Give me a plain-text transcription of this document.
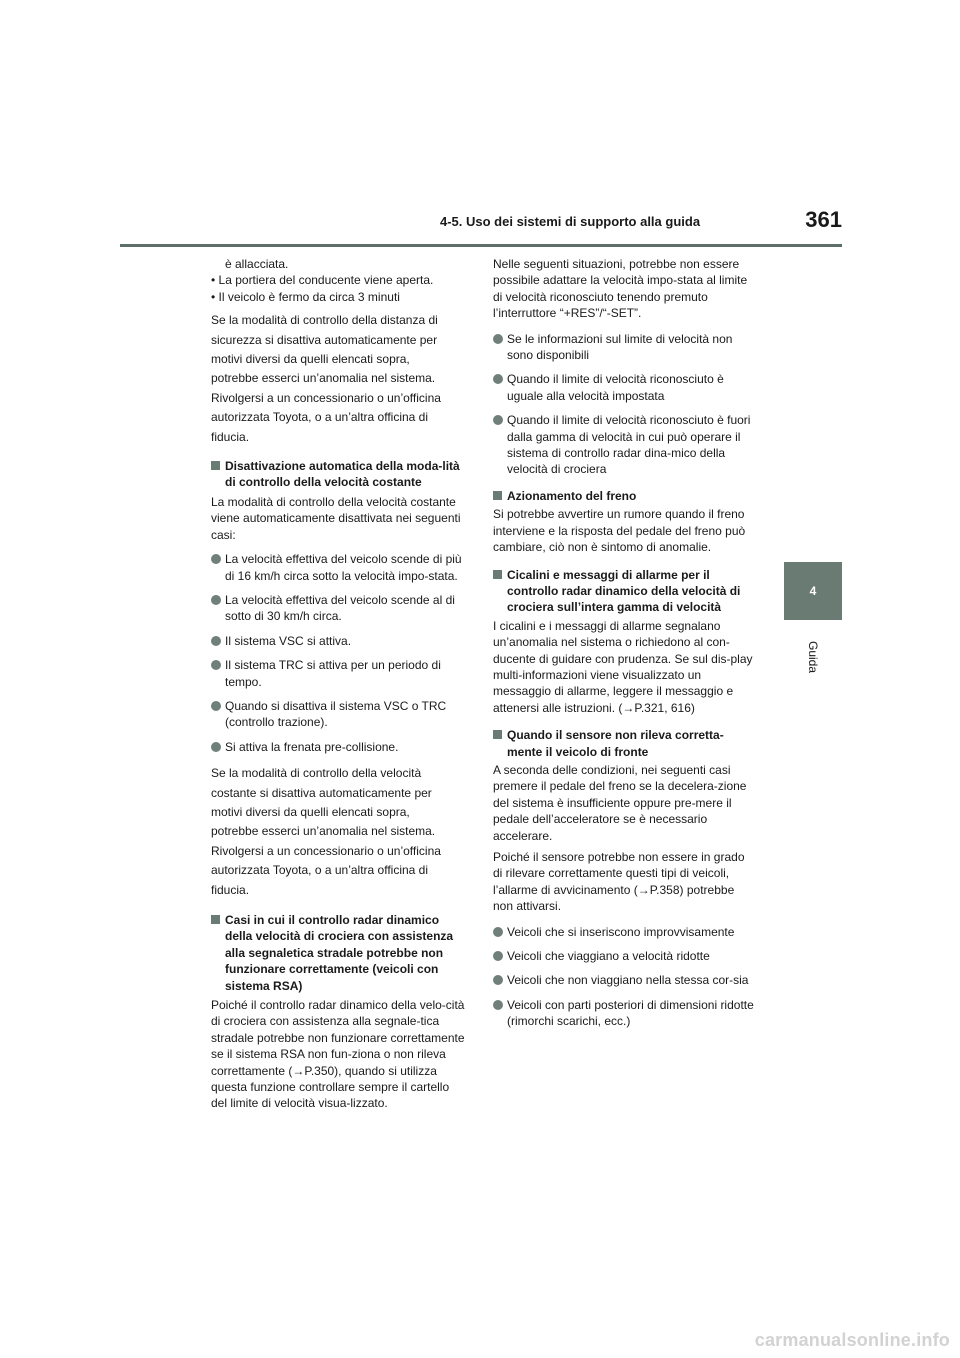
4-5. Uso dei sistemi di supporto alla guida	361
4
Guida

è allacciata.

• La portiera del conducente viene aperta.

• Il veicolo è fermo da circa 3 minuti

Se la modalità di controllo della distanza di

sicurezza si disattiva automaticamente per

motivi diversi da quelli elencati sopra,

potrebbe esserci un’anomalia nel sistema.

Rivolgersi a un concessionario o un’officina

autorizzata Toyota, o a un’altra officina di

fiducia.

Disattivazione automatica della moda-lità di controllo della velocità costante

La modalità di controllo della velocità costante viene automaticamente disattivata nei seguenti casi:

La velocità effettiva del veicolo scende di più di 16 km/h circa sotto la velocità impo-stata.

La velocità effettiva del veicolo scende al di sotto di 30 km/h circa.

Il sistema VSC si attiva.

Il sistema TRC si attiva per un periodo di tempo.

Quando si disattiva il sistema VSC o TRC (controllo trazione).

Si attiva la frenata pre-collisione.

Se la modalità di controllo della velocità

costante si disattiva automaticamente per

motivi diversi da quelli elencati sopra,

potrebbe esserci un’anomalia nel sistema.

Rivolgersi a un concessionario o un’officina

autorizzata Toyota, o a un’altra officina di

fiducia.

Casi in cui il controllo radar dinamico della velocità di crociera con assistenza alla segnaletica stradale potrebbe non funzionare correttamente (veicoli con sistema RSA)

Poiché il controllo radar dinamico della velo-cità di crociera con assistenza alla segnale-tica stradale potrebbe non funzionare correttamente se il sistema RSA non fun-ziona o non rileva correttamente (→P.350), quando si utilizza questa funzione controllare sempre il cartello del limite di velocità visua-lizzato.

Nelle seguenti situazioni, potrebbe non essere possibile adattare la velocità impo-stata al limite di velocità riconosciuto tenendo premuto l’interruttore “+RES”/“-SET”.

Se le informazioni sul limite di velocità non sono disponibili

Quando il limite di velocità riconosciuto è uguale alla velocità impostata

Quando il limite di velocità riconosciuto è fuori dalla gamma di velocità in cui può operare il sistema di controllo radar dina-mico della velocità di crociera

Azionamento del freno

Si potrebbe avvertire un rumore quando il freno interviene e la risposta del pedale del freno può cambiare, ciò non è sintomo di anomalie.

Cicalini e messaggi di allarme per il controllo radar dinamico della velocità di crociera sull’intera gamma di velocità

I cicalini e i messaggi di allarme segnalano un’anomalia nel sistema o richiedono al con-ducente di guidare con prudenza. Se sul dis-play multi-informazioni viene visualizzato un messaggio di allarme, leggere il messaggio e attenersi alle istruzioni. (→P.321, 616)

Quando il sensore non rileva corretta-mente il veicolo di fronte

A seconda delle condizioni, nei seguenti casi premere il pedale del freno se la decelera-zione del sistema è insufficiente oppure pre-mere il pedale dell’acceleratore se è necessario accelerare.

Poiché il sensore potrebbe non essere in grado di rilevare correttamente questi tipi di veicoli, l’allarme di avvicinamento (→P.358) potrebbe non attivarsi.

Veicoli che si inseriscono improvvisamente

Veicoli che viaggiano a velocità ridotte

Veicoli che non viaggiano nella stessa cor-sia

Veicoli con parti posteriori di dimensioni ridotte (rimorchi scarichi, ecc.)

carmanualsonline.info
